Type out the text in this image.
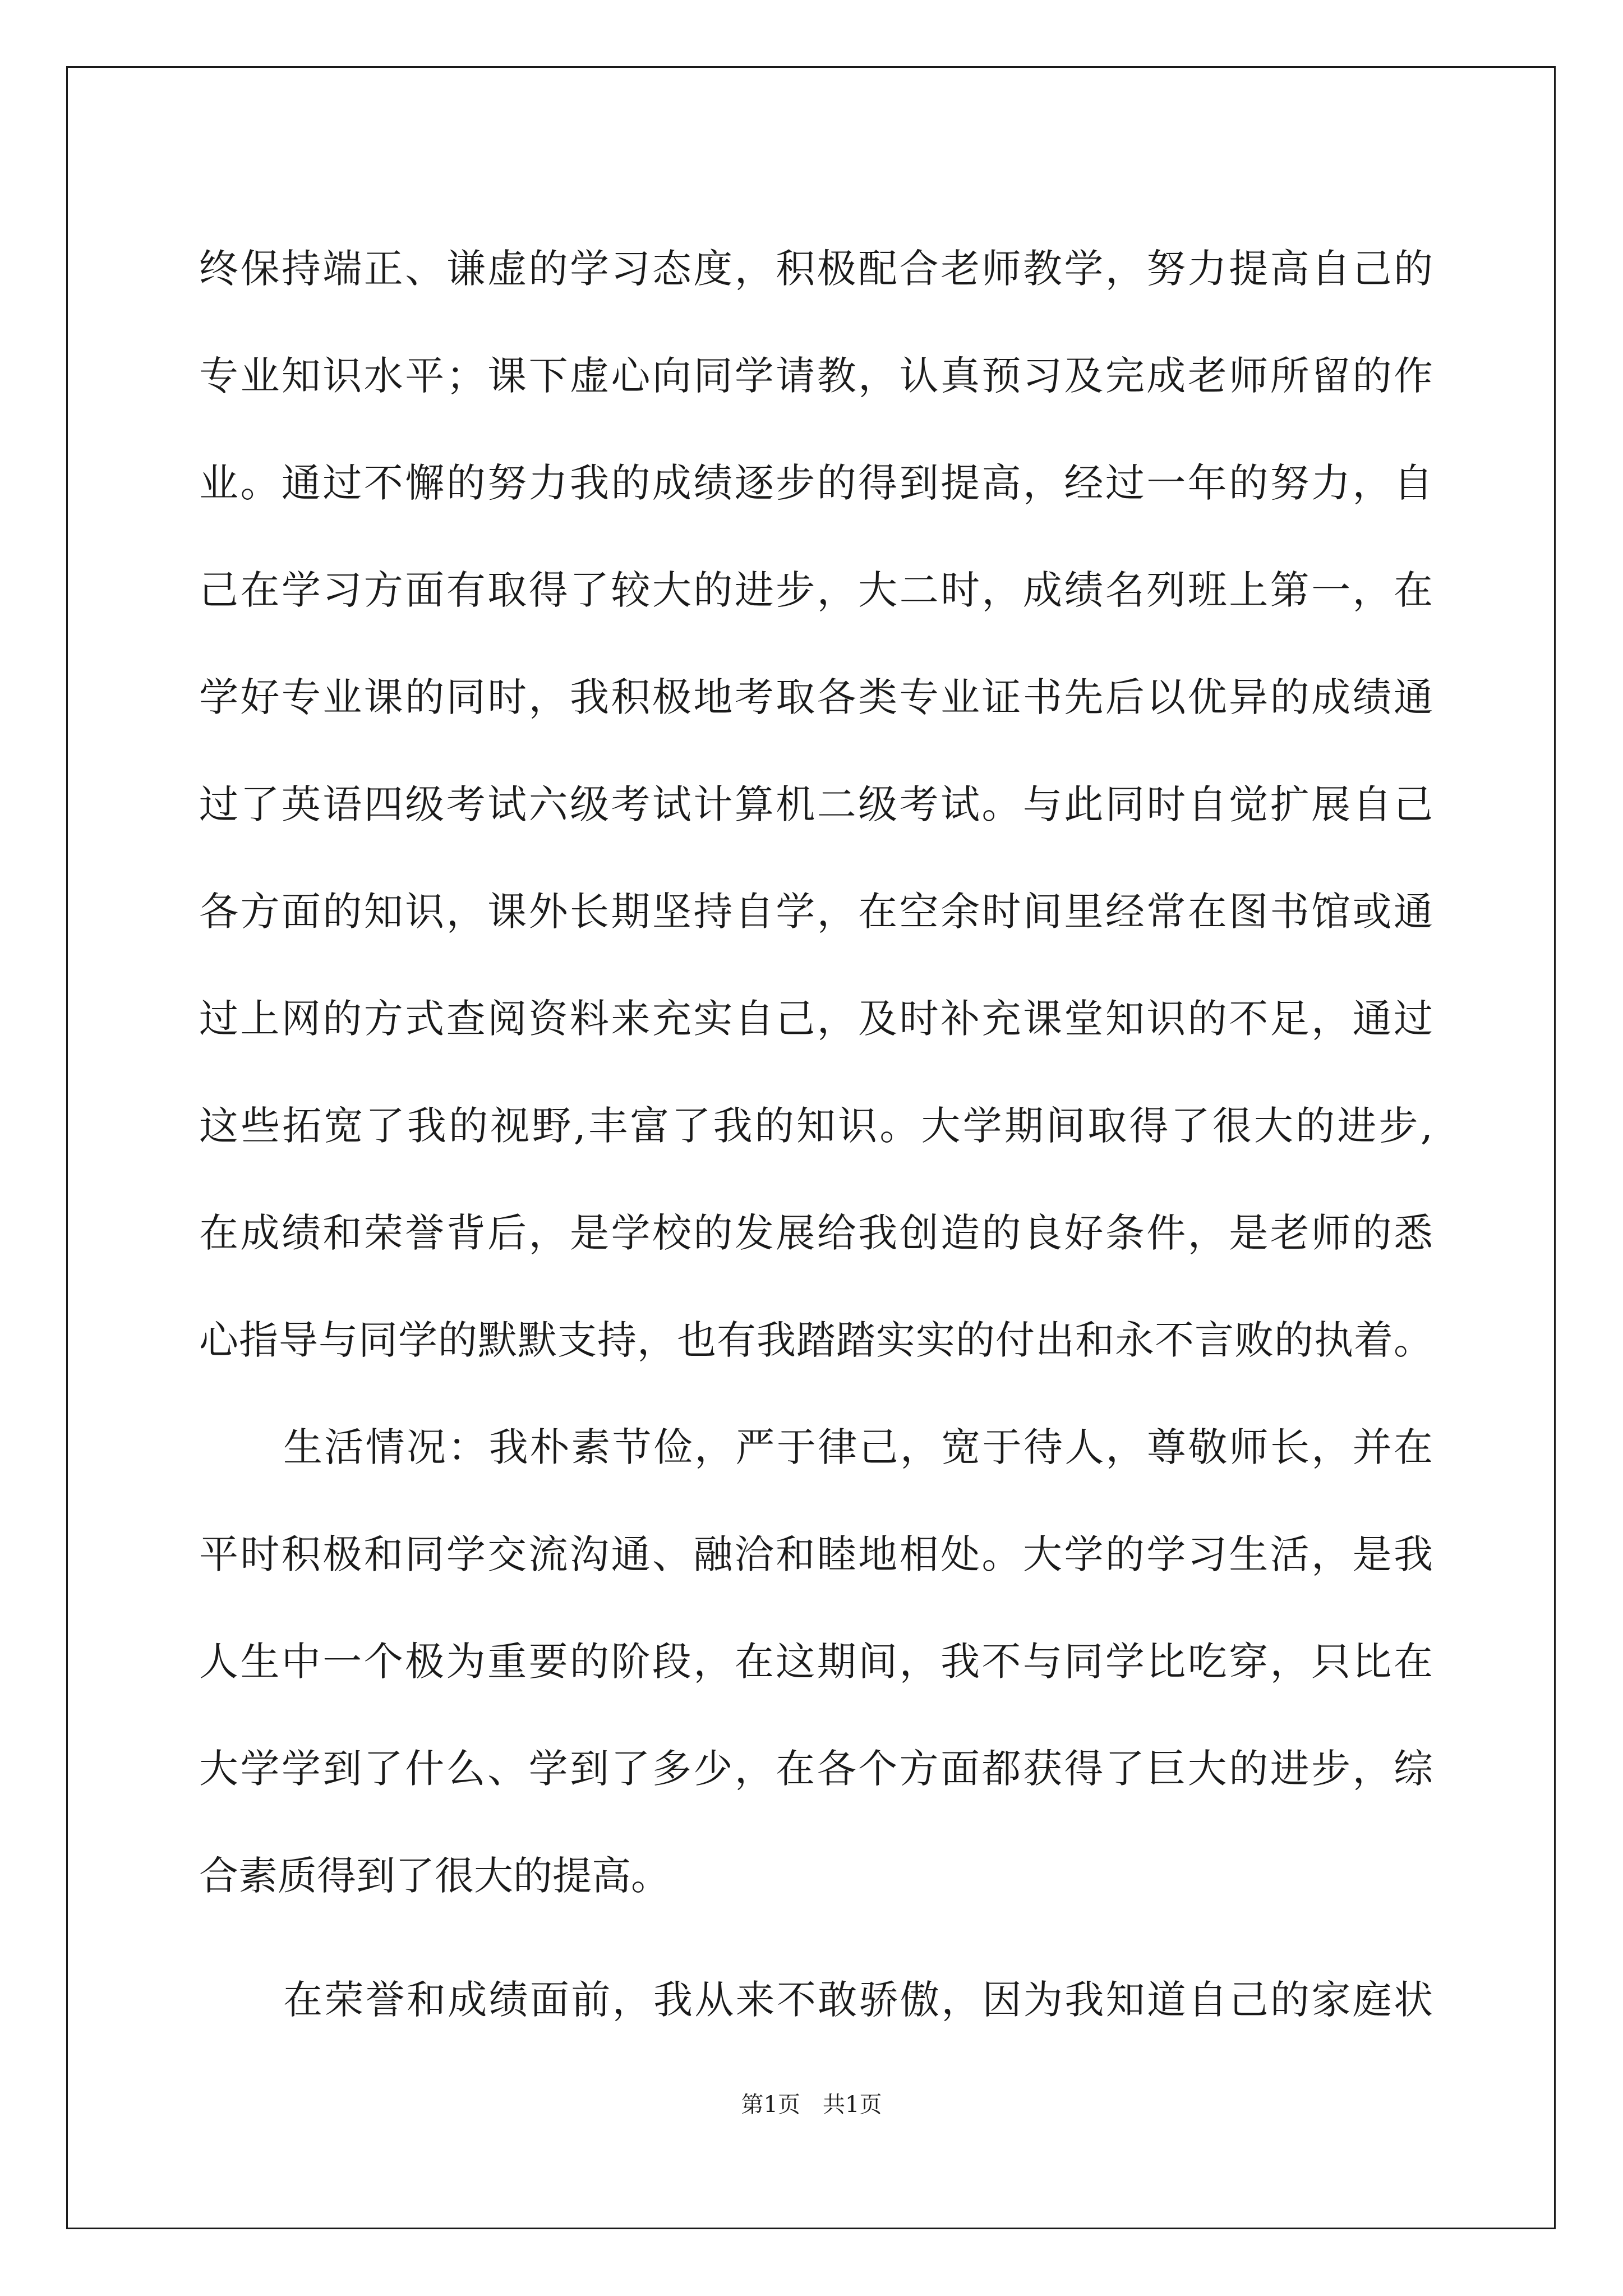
终保持端正、谦虚的学习态度，积极配合老师教学，努力提高自己的
专业知识水平；课下虚心向同学请教，认真预习及完成老师所留的作
业。通过不懈的努力我的成绩逐步的得到提高，经过一年的努力，自
己在学习方面有取得了较大的进步，大二时，成绩名列班上第一，在
学好专业课的同时，我积极地考取各类专业证书先后以优异的成绩通
过了英语四级考试六级考试计算机二级考试。与此同时自觉扩展自己
各方面的知识，课外长期坚持自学，在空余时间里经常在图书馆或通
过上网的方式查阅资料来充实自己，及时补充课堂知识的不足，通过
这些拓宽了我的视野,丰富了我的知识。大学期间取得了很大的进步,
在成绩和荣誉背后，是学校的发展给我创造的良好条件，是老师的悉
心指导与同学的默默支持，也有我踏踏实实的付出和永不言败的执着。
生活情况：我朴素节俭，严于律己，宽于待人，尊敬师长，并在
平时积极和同学交流沟通、融洽和睦地相处。大学的学习生活，是我
人生中一个极为重要的阶段，在这期间，我不与同学比吃穿，只比在
大学学到了什么、学到了多少，在各个方面都获得了巨大的进步，综
合素质得到了很大的提高。
在荣誉和成绩面前，我从来不敢骄傲，因为我知道自己的家庭状
第1页　共1页
